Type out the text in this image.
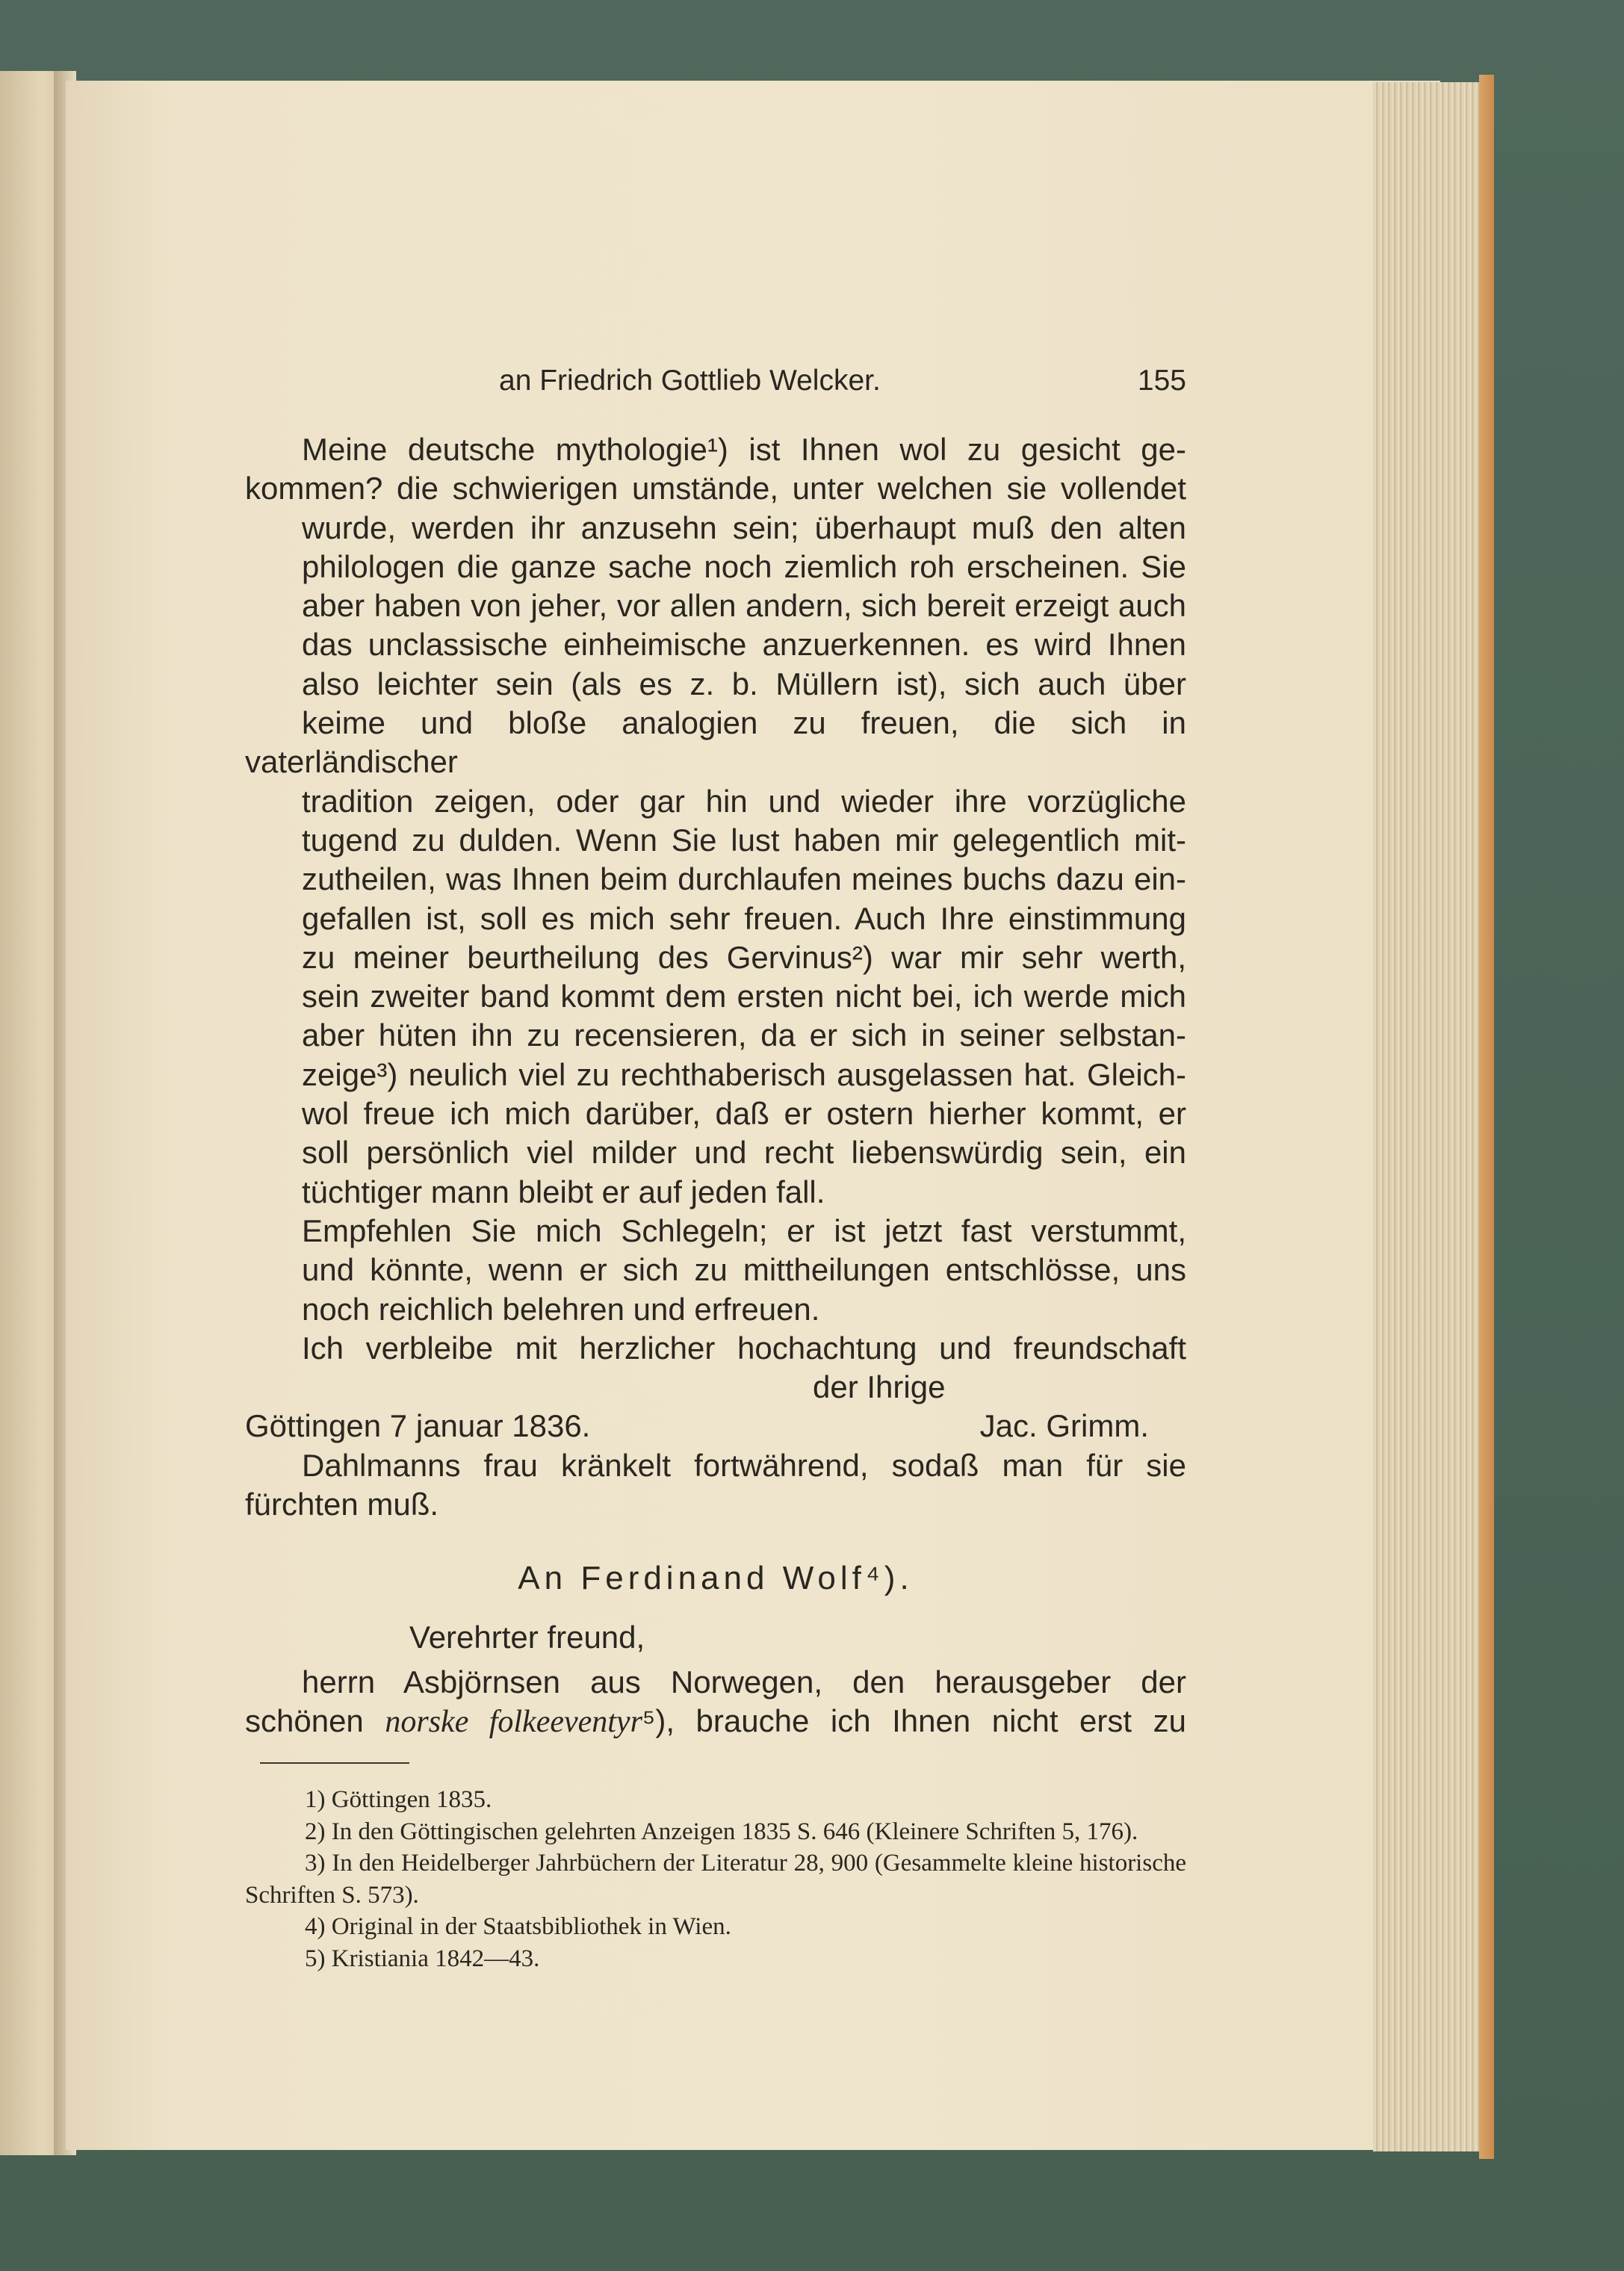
an Friedrich Gottlieb Welcker.	155

Meine deutsche mythologie¹) ist Ihnen wol zu gesicht ge-
kommen? die schwierigen umstände, unter welchen sie vollendet
wurde, werden ihr anzusehn sein; überhaupt muß den alten
philologen die ganze sache noch ziemlich roh erscheinen. Sie
aber haben von jeher, vor allen andern, sich bereit erzeigt auch
das unclassische einheimische anzuerkennen. es wird Ihnen
also leichter sein (als es z. b. Müllern ist), sich auch über
keime und bloße analogien zu freuen, die sich in vaterländischer
tradition zeigen, oder gar hin und wieder ihre vorzügliche
tugend zu dulden. Wenn Sie lust haben mir gelegentlich mit-
zutheilen, was Ihnen beim durchlaufen meines buchs dazu ein-
gefallen ist, soll es mich sehr freuen. Auch Ihre einstimmung
zu meiner beurtheilung des Gervinus²) war mir sehr werth,
sein zweiter band kommt dem ersten nicht bei, ich werde mich
aber hüten ihn zu recensieren, da er sich in seiner selbstan-
zeige³) neulich viel zu rechthaberisch ausgelassen hat. Gleich-
wol freue ich mich darüber, daß er ostern hierher kommt, er
soll persönlich viel milder und recht liebenswürdig sein, ein
tüchtiger mann bleibt er auf jeden fall.

Empfehlen Sie mich Schlegeln; er ist jetzt fast verstummt,
und könnte, wenn er sich zu mittheilungen entschlösse, uns
noch reichlich belehren und erfreuen.

Ich verbleibe mit herzlicher hochachtung und freundschaft

der Ihrige

Göttingen 7 januar 1836.	Jac. Grimm.

Dahlmanns frau kränkelt fortwährend, sodaß man für sie
fürchten muß.

An Ferdinand Wolf⁴).
Verehrter freund,
herrn Asbjörnsen aus Norwegen, den herausgeber der
schönen norske folkeeventyr⁵), brauche ich Ihnen nicht erst zu
1) Göttingen 1835.
2) In den Göttingischen gelehrten Anzeigen 1835 S. 646 (Kleinere Schriften 5, 176).
3) In den Heidelberger Jahrbüchern der Literatur 28, 900 (Gesammelte kleine historische Schriften S. 573).
4) Original in der Staatsbibliothek in Wien.
5) Kristiania 1842—43.
